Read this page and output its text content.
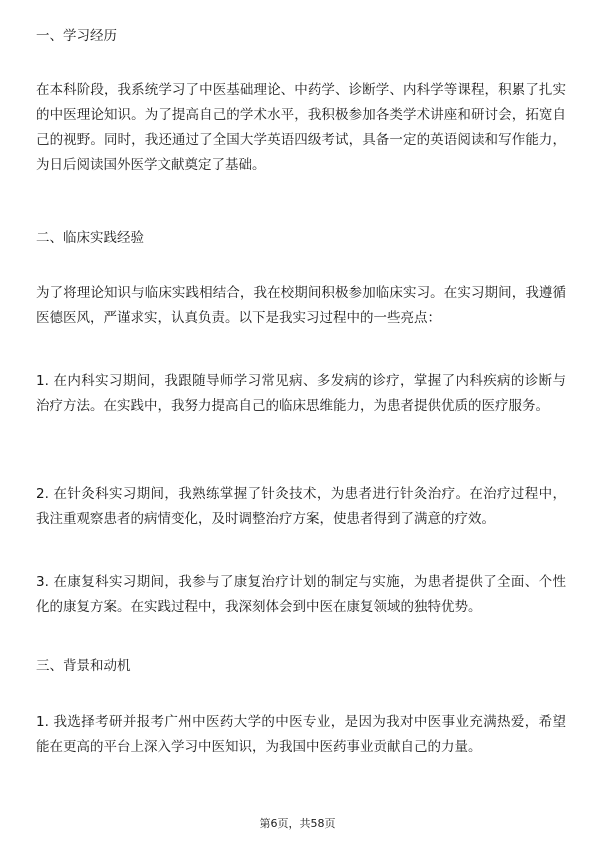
一、学习经历

在本科阶段，我系统学习了中医基础理论、中药学、诊断学、内科学等课程，积累了扎实的中医理论知识。为了提高自己的学术水平，我积极参加各类学术讲座和研讨会，拓宽自己的视野。同时，我还通过了全国大学英语四级考试，具备一定的英语阅读和写作能力，为日后阅读国外医学文献奠定了基础。

二、临床实践经验

为了将理论知识与临床实践相结合，我在校期间积极参加临床实习。在实习期间，我遵循医德医风，严谨求实，认真负责。以下是我实习过程中的一些亮点：

1. 在内科实习期间，我跟随导师学习常见病、多发病的诊疗，掌握了内科疾病的诊断与治疗方法。在实践中，我努力提高自己的临床思维能力，为患者提供优质的医疗服务。

2. 在针灸科实习期间，我熟练掌握了针灸技术，为患者进行针灸治疗。在治疗过程中，我注重观察患者的病情变化，及时调整治疗方案，使患者得到了满意的疗效。

3. 在康复科实习期间，我参与了康复治疗计划的制定与实施，为患者提供了全面、个性化的康复方案。在实践过程中，我深刻体会到中医在康复领域的独特优势。

三、背景和动机

1. 我选择考研并报考广州中医药大学的中医专业，是因为我对中医事业充满热爱，希望能在更高的平台上深入学习中医知识，为我国中医药事业贡献自己的力量。

第6页，共58页
